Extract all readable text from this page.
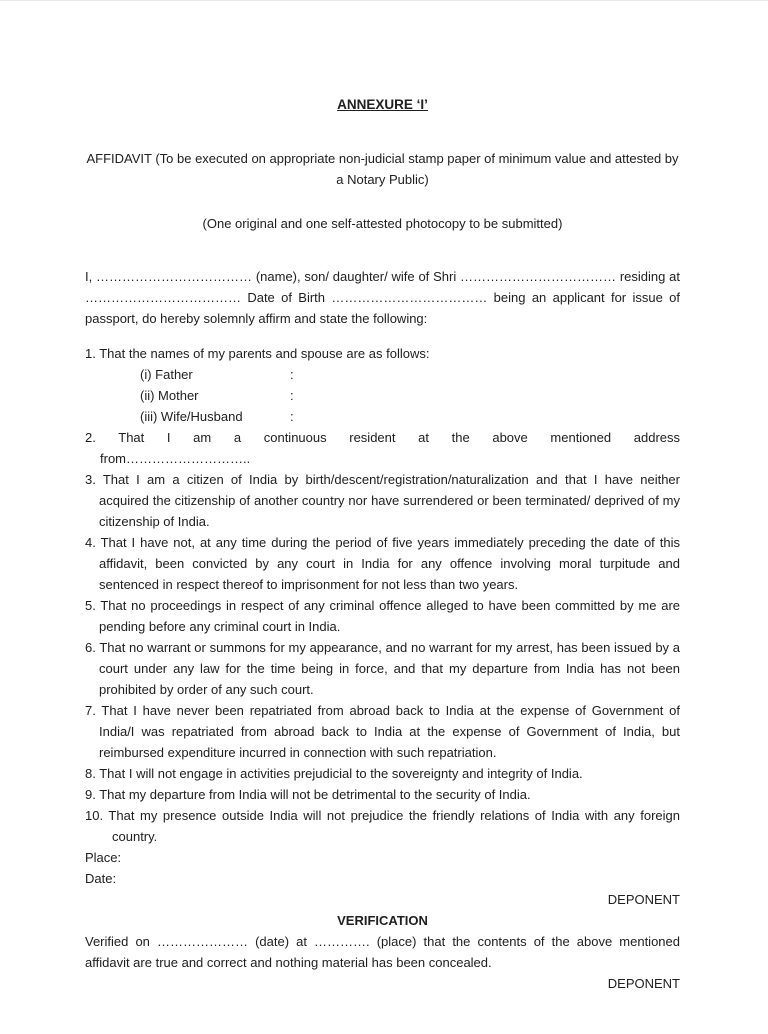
ANNEXURE ‘I’

AFFIDAVIT (To be executed on appropriate non-judicial stamp paper of minimum value and attested by a Notary Public)

(One original and one self-attested photocopy to be submitted)

I, ……………………………… (name), son/ daughter/ wife of Shri ……………………………… residing at ……………………………… Date of Birth ……………………………… being an applicant for issue of passport, do hereby solemnly affirm and state the following:

1. That the names of my parents and spouse are as follows:
(i) Father	:
(ii) Mother	:
(iii) Wife/Husband	:
2. That I am a continuous resident at the above mentioned address
from………………………..

3. That I am a citizen of India by birth/descent/registration/naturalization and that I have neither acquired the citizenship of another country nor have surrendered or been terminated/ deprived of my citizenship of India.

4. That I have not, at any time during the period of five years immediately preceding the date of this affidavit, been convicted by any court in India for any offence involving moral turpitude and sentenced in respect thereof to imprisonment for not less than two years.

5. That no proceedings in respect of any criminal offence alleged to have been committed by me are pending before any criminal court in India.

6. That no warrant or summons for my appearance, and no warrant for my arrest, has been issued by a court under any law for the time being in force, and that my departure from India has not been prohibited by order of any such court.

7. That I have never been repatriated from abroad back to India at the expense of Government of India/I was repatriated from abroad back to India at the expense of Government of India, but reimbursed expenditure incurred in connection with such repatriation.

8. That I will not engage in activities prejudicial to the sovereignty and integrity of India.

9. That my departure from India will not be detrimental to the security of India.

10. That my presence outside India will not prejudice the friendly relations of India with any foreign country.

Place:
Date:
DEPONENT

VERIFICATION

Verified on ………………… (date) at …………. (place) that the contents of the above mentioned affidavit are true and correct and nothing material has been concealed.

DEPONENT
